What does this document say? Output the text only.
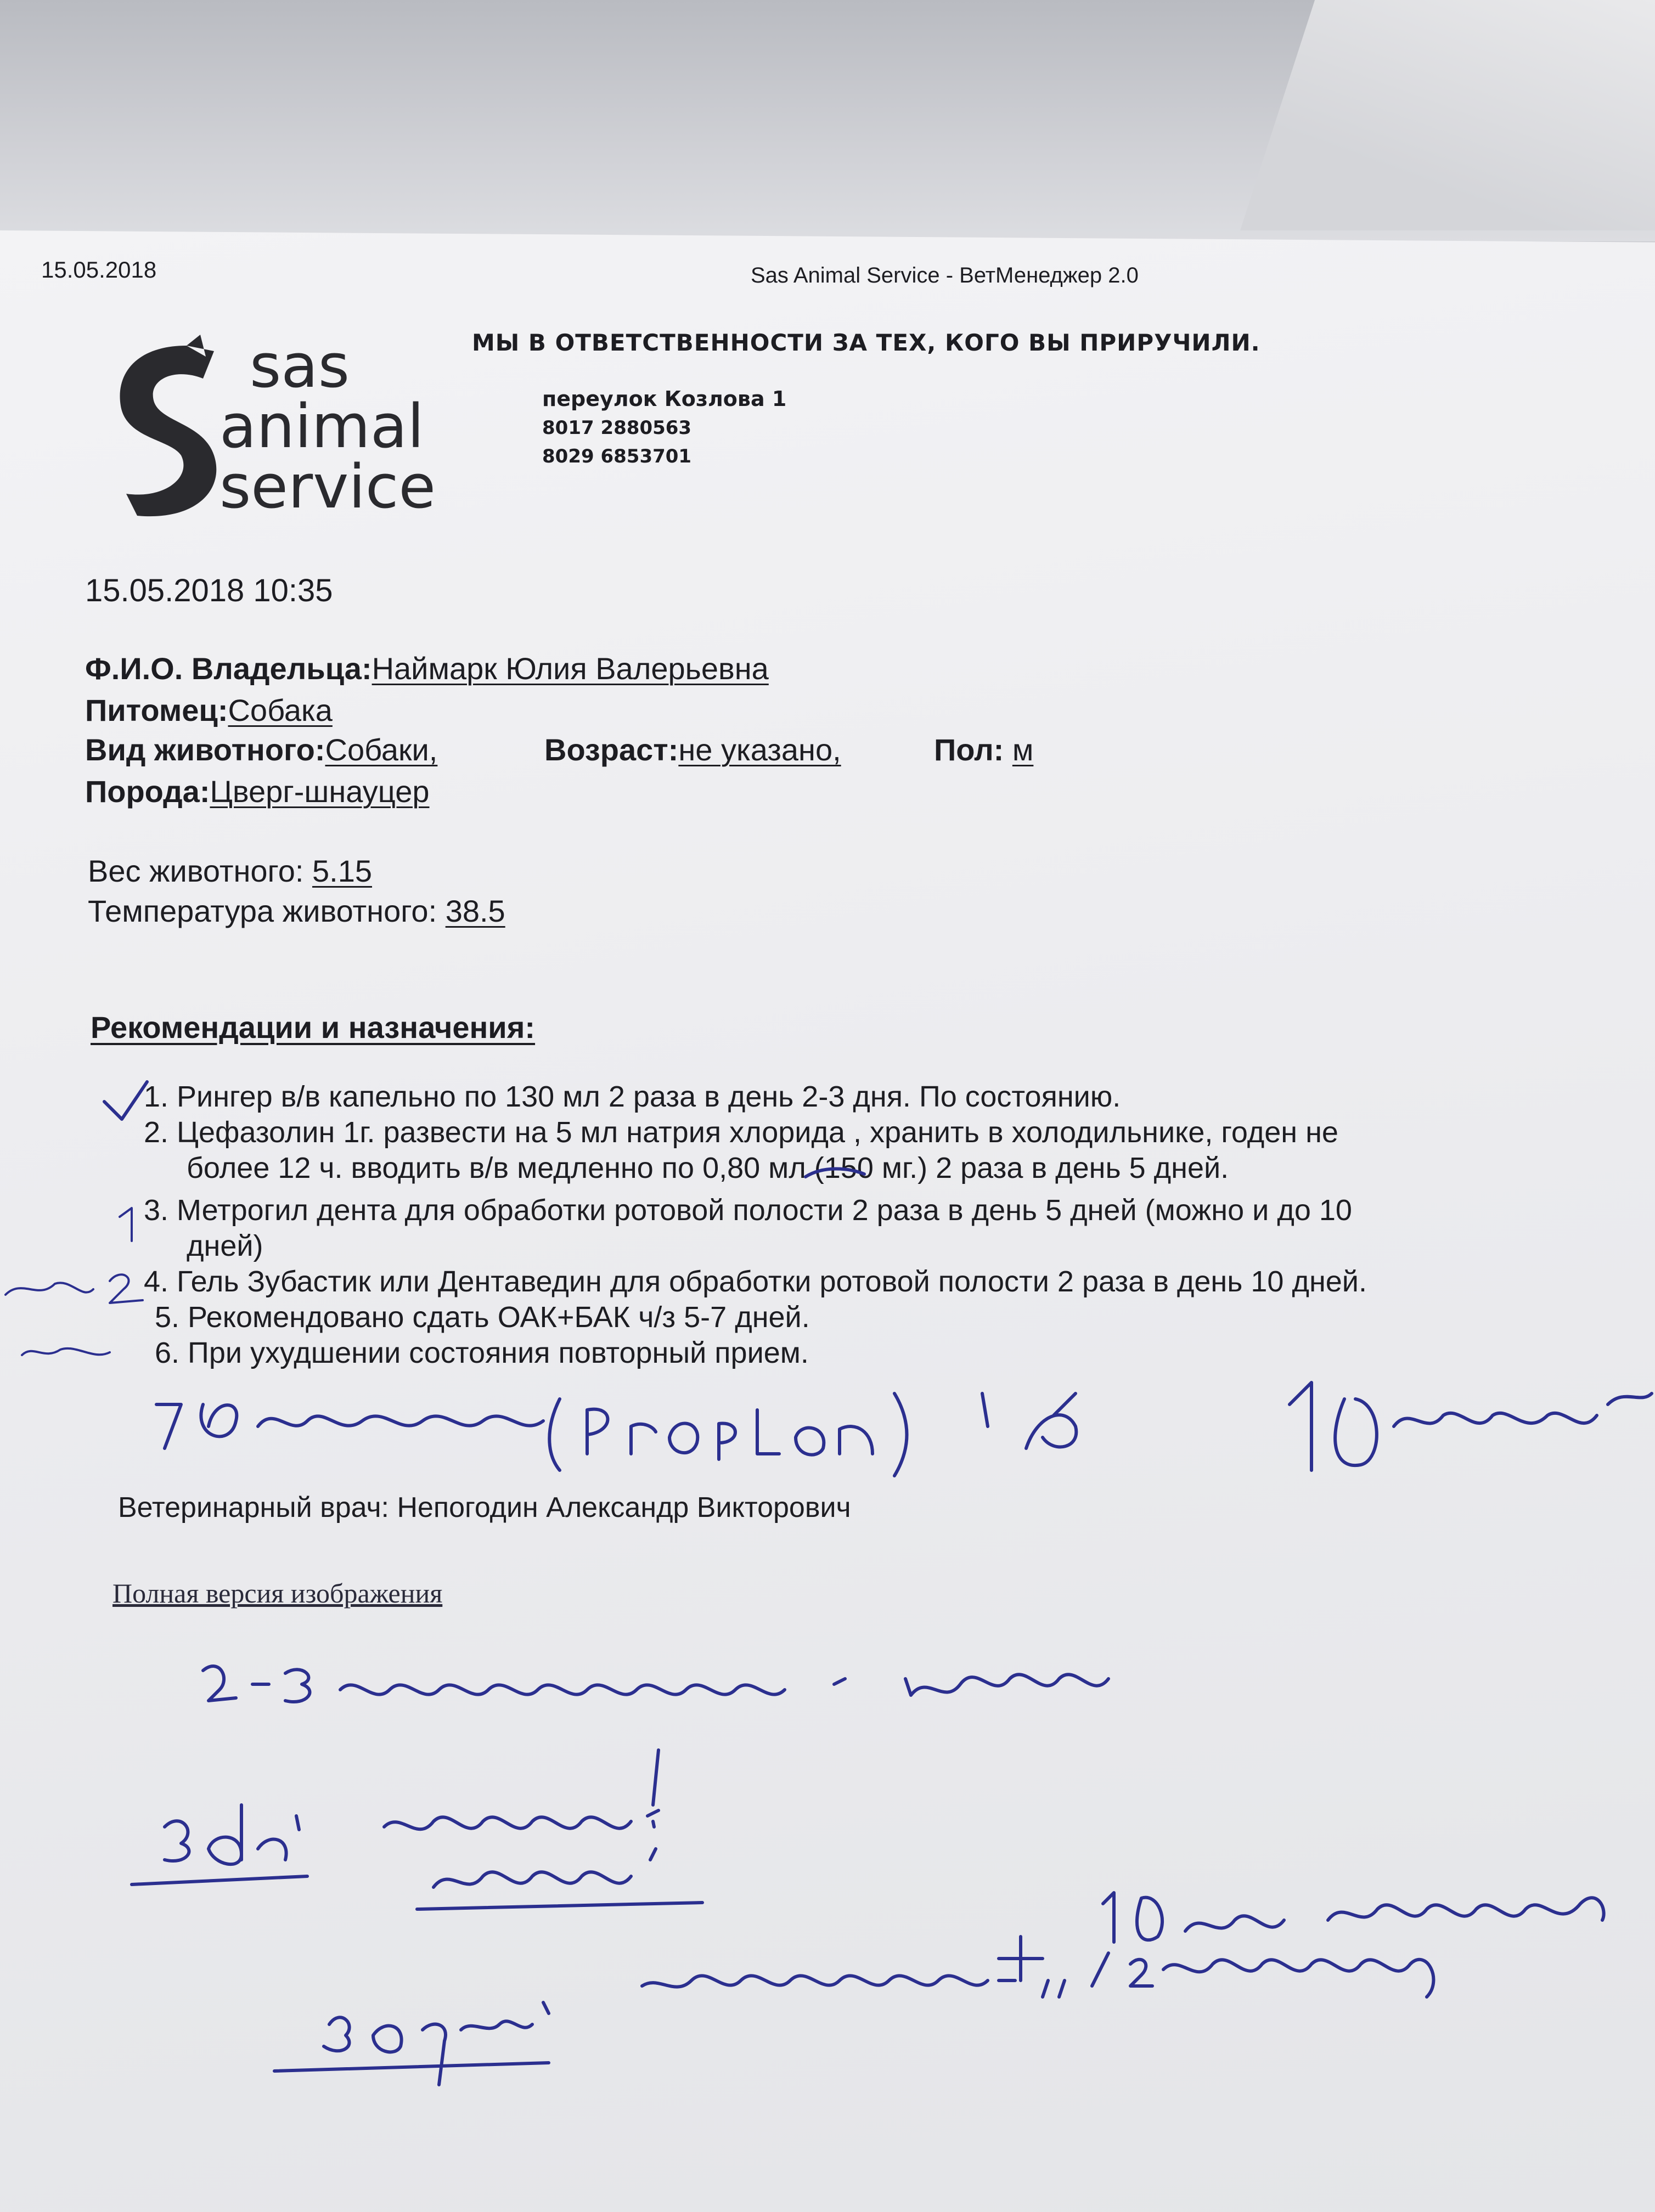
15.05.2018	Sas Animal Service - ВетМенеджер 2.0
sas
animal
service
МЫ В ОТВЕТСТВЕННОСТИ ЗА ТЕХ, КОГО ВЫ ПРИРУЧИЛИ.
переулок Козлова 1
8017 2880563
8029 6853701
15.05.2018 10:35
Ф.И.О. Владельца:Наймарк Юлия Валерьевна
Питомец:Собака
Вид животного:Собаки,	Возраст:не указано,	Пол: м
Порода:Цверг-шнауцер
Вес животного: 5.15
Температура животного: 38.5
Рекомендации и назначения:
1. Рингер в/в капельно по 130 мл 2 раза в день 2-3 дня. По состоянию.
2. Цефазолин 1г. развести на 5 мл натрия хлорида , хранить в холодильнике, годен не
более 12 ч. вводить в/в медленно по 0,80 мл (150 мг.) 2 раза в день 5 дней.
3. Метрогил дента для обработки ротовой полости 2 раза в день 5 дней (можно и до 10
дней)
4. Гель Зубастик или Дентаведин для обработки ротовой полости 2 раза в день 10 дней.
5. Рекомендовано сдать ОАК+БАК ч/з 5-7 дней.
6. При ухудшении состояния повторный прием.
Ветеринарный врач: Непогодин Александр Викторович
Полная версия изображения
